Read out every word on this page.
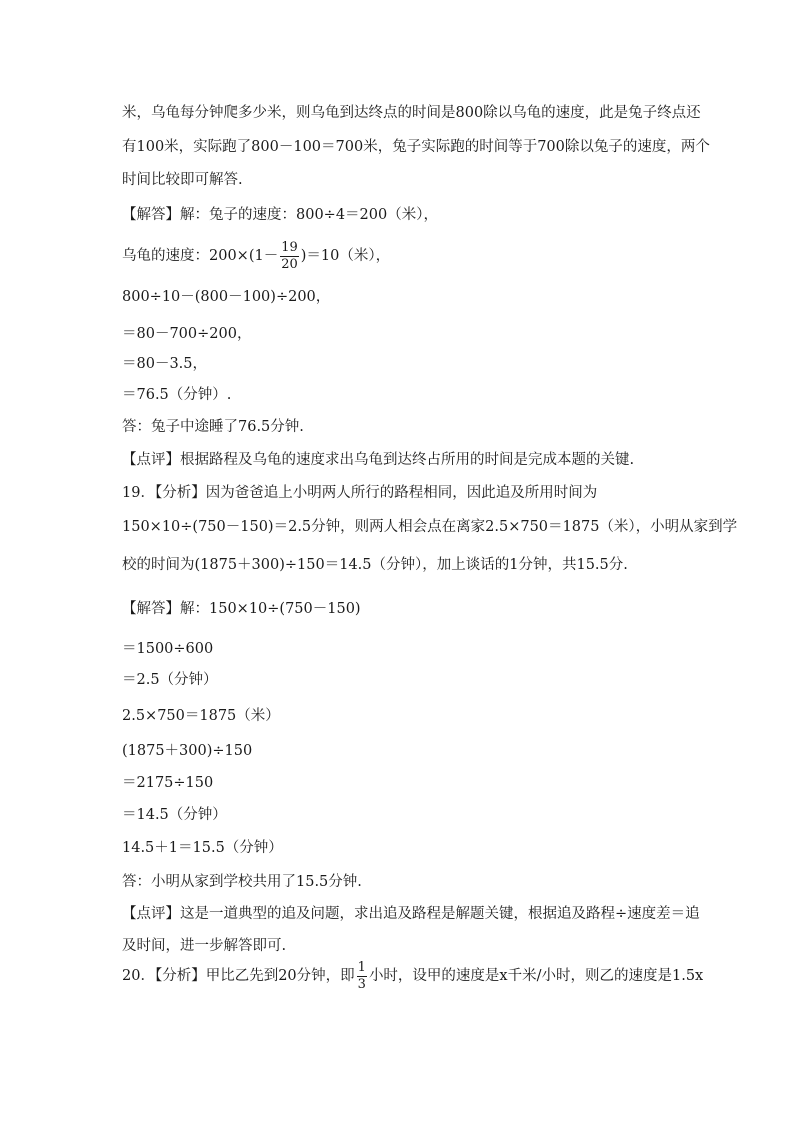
米，乌龟每分钟爬多少米，则乌龟到达终点的时间是800除以乌龟的速度，此是兔子终点还
有100米，实际跑了800－100＝700米，兔子实际跑的时间等于700除以兔子的速度，两个
时间比较即可解答.
【解答】解：兔子的速度：800÷4＝200（米），
乌龟的速度：$200\times(1- \frac{19}{20} )=10$（米），
800÷10－(800－100)÷200，
＝80－700÷200，
＝80－3.5，
＝76.5（分钟）.
答：兔子中途睡了76.5分钟.
【点评】根据路程及乌龟的速度求出乌龟到达终占所用的时间是完成本题的关键.
19．【分析】因为爸爸追上小明两人所行的路程相同，因此追及所用时间为
150×10÷(750－150)＝2.5分钟，则两人相会点在离家2.5×750＝1875（米），小明从家到学
校的时间为(1875＋300)÷150＝14.5（分钟），加上谈话的1分钟，共15.5分.
【解答】解：150×10÷(750－150)
＝1500÷600
＝2.5（分钟）
2.5×750＝1875（米）
(1875＋300)÷150
＝2175÷150
＝14.5（分钟）
14.5＋1＝15.5（分钟）
答：小明从家到学校共用了15.5分钟.
【点评】这是一道典型的追及问题，求出追及路程是解题关键，根据追及路程÷速度差＝追
及时间，进一步解答即可.
20．【分析】甲比乙先到20分钟，即 $\frac{1}{3}$ 小时，设甲的速度是x千米/小时，则乙的速度是1.5x
